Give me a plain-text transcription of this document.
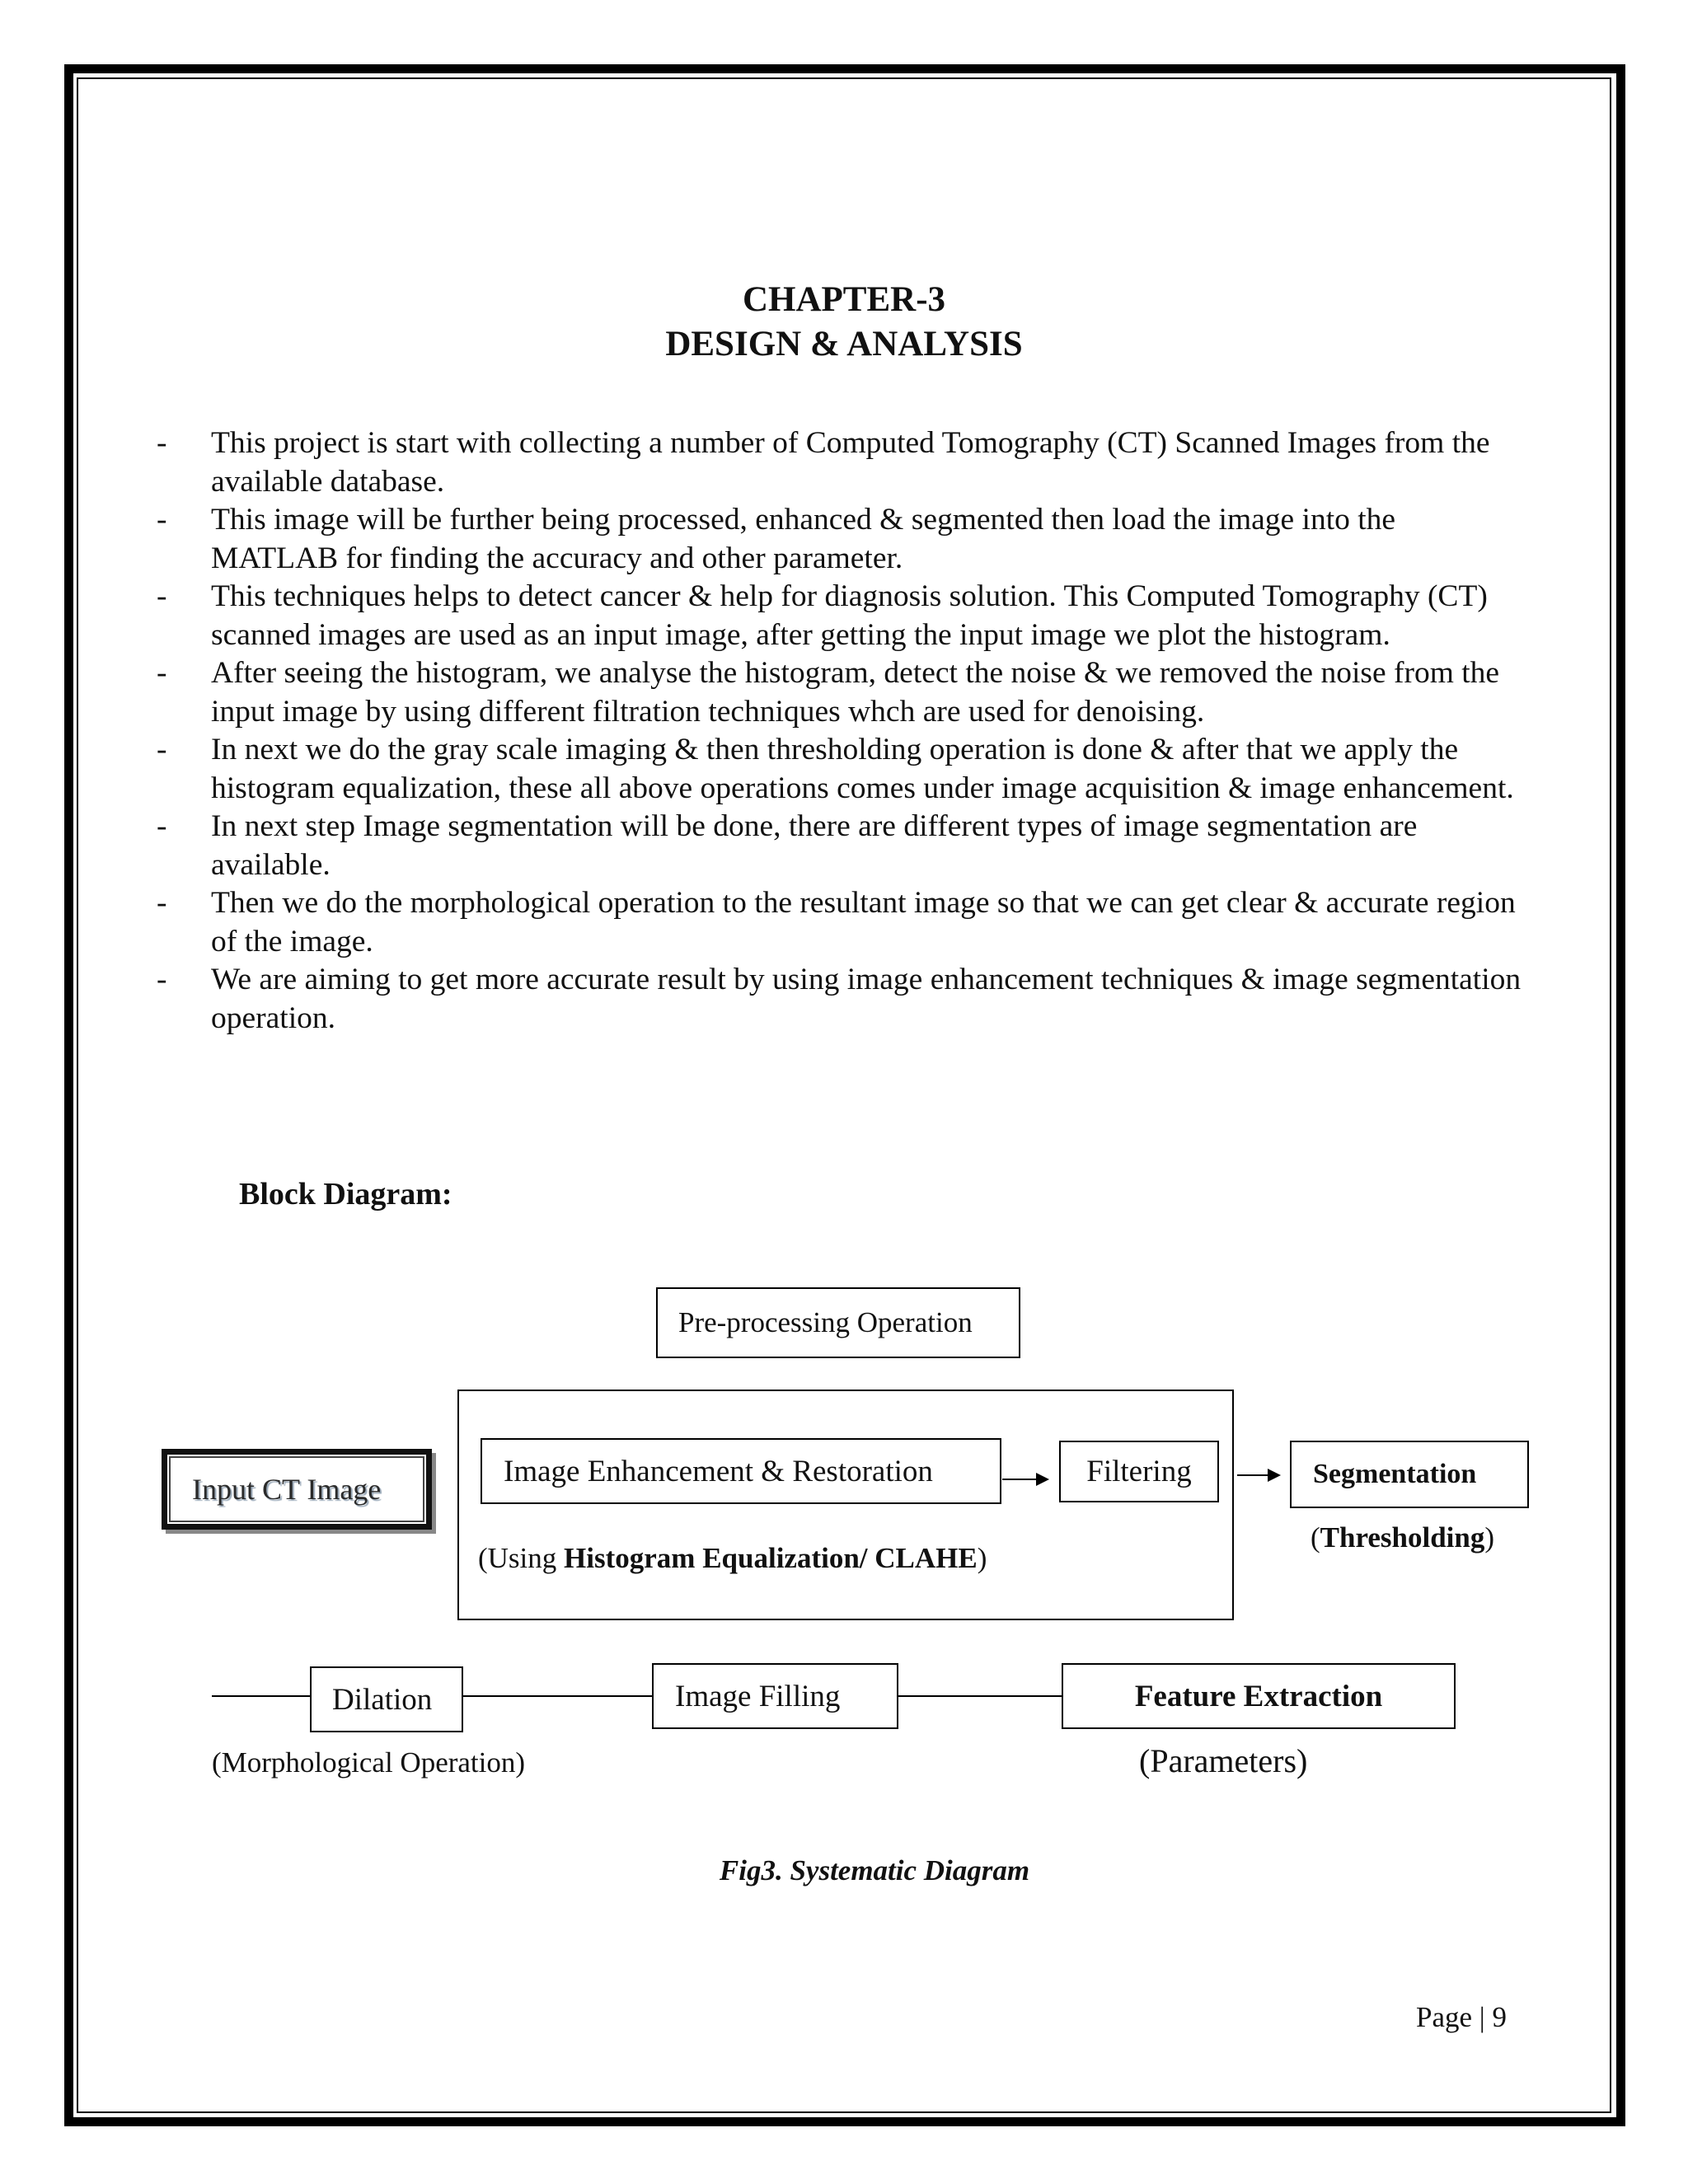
CHAPTER-3
DESIGN & ANALYSIS
- This project is start with collecting a number of Computed Tomography (CT) Scanned Images from the available database.
- This image will be further being processed, enhanced & segmented then load the image into the MATLAB for finding the accuracy and other parameter.
- This techniques helps to detect cancer & help for diagnosis solution. This Computed Tomography (CT) scanned images are used as an input image, after getting the input image we plot the histogram.
- After seeing the histogram, we analyse the histogram, detect the noise & we removed the noise from the input image by using different filtration techniques whch are used for denoising.
- In next we do the gray scale imaging & then thresholding operation is done & after that we apply the histogram equalization, these all above operations comes under image acquisition & image enhancement.
- In next step Image segmentation will be done, there are different types of image segmentation are available.
- Then we do the morphological operation to the resultant image so that we can get clear & accurate region of the image.
- We are aiming to get more accurate result by using image enhancement techniques & image segmentation operation.
Block Diagram:
Pre-processing Operation
Input CT Image
Image Enhancement & Restoration	Filtering
(Using Histogram Equalization/ CLAHE)
Segmentation
(Thresholding)
Dilation	Image Filling	Feature Extraction
(Morphological Operation)	(Parameters)
Fig3. Systematic Diagram
Page | 9
